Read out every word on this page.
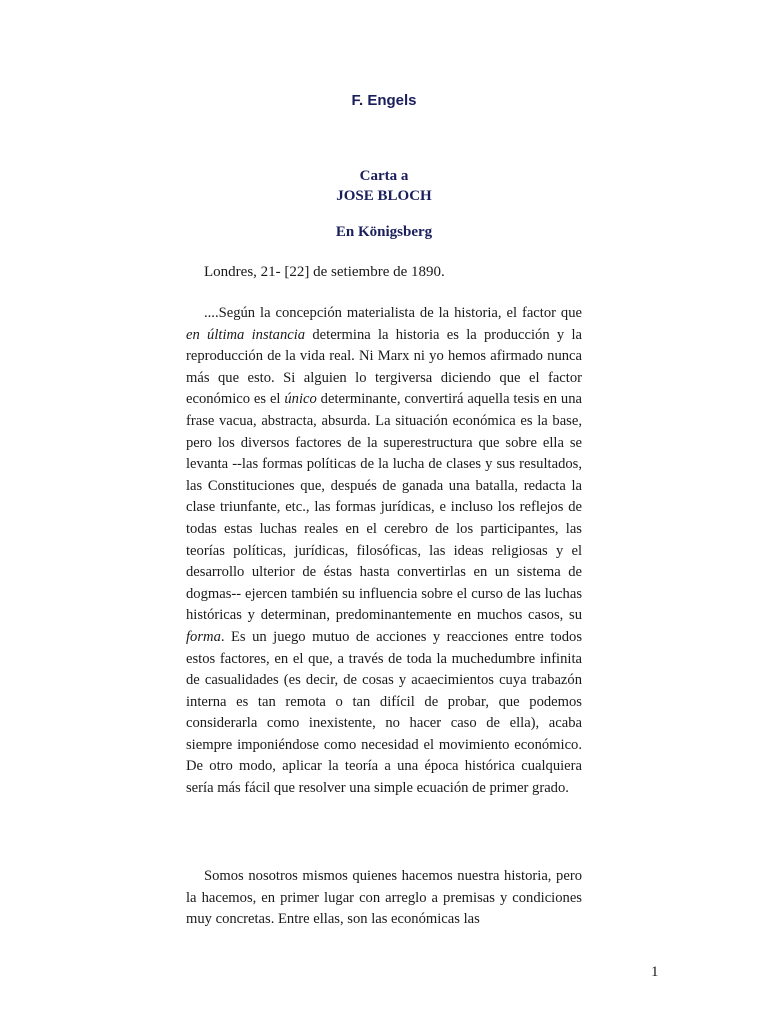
F. Engels
Carta a
JOSE BLOCH
En Königsberg
Londres, 21- [22] de setiembre de 1890.

....Según la concepción materialista de la historia, el factor que en última instancia determina la historia es la producción y la reproducción de la vida real. Ni Marx ni yo hemos afirmado nunca más que esto. Si alguien lo tergiversa diciendo que el factor económico es el único determinante, convertirá aquella tesis en una frase vacua, abstracta, absurda. La situación económica es la base, pero los diversos factores de la superestructura que sobre ella se levanta --las formas políticas de la lucha de clases y sus resultados, las Constituciones que, después de ganada una batalla, redacta la clase triunfante, etc., las formas jurídicas, e incluso los reflejos de todas estas luchas reales en el cerebro de los participantes, las teorías políticas, jurídicas, filosóficas, las ideas religiosas y el desarrollo ulterior de éstas hasta convertirlas en un sistema de dogmas-- ejercen también su influencia sobre el curso de las luchas históricas y determinan, predominantemente en muchos casos, su forma. Es un juego mutuo de acciones y reacciones entre todos estos factores, en el que, a través de toda la muchedumbre infinita de casualidades (es decir, de cosas y acaecimientos cuya trabazón interna es tan remota o tan difícil de probar, que podemos considerarla como inexistente, no hacer caso de ella), acaba siempre imponiéndose como necesidad el movimiento económico. De otro modo, aplicar la teoría a una época histórica cualquiera sería más fácil que resolver una simple ecuación de primer grado.

Somos nosotros mismos quienes hacemos nuestra historia, pero la hacemos, en primer lugar con arreglo a premisas y condiciones muy concretas. Entre ellas, son las económicas las

1
